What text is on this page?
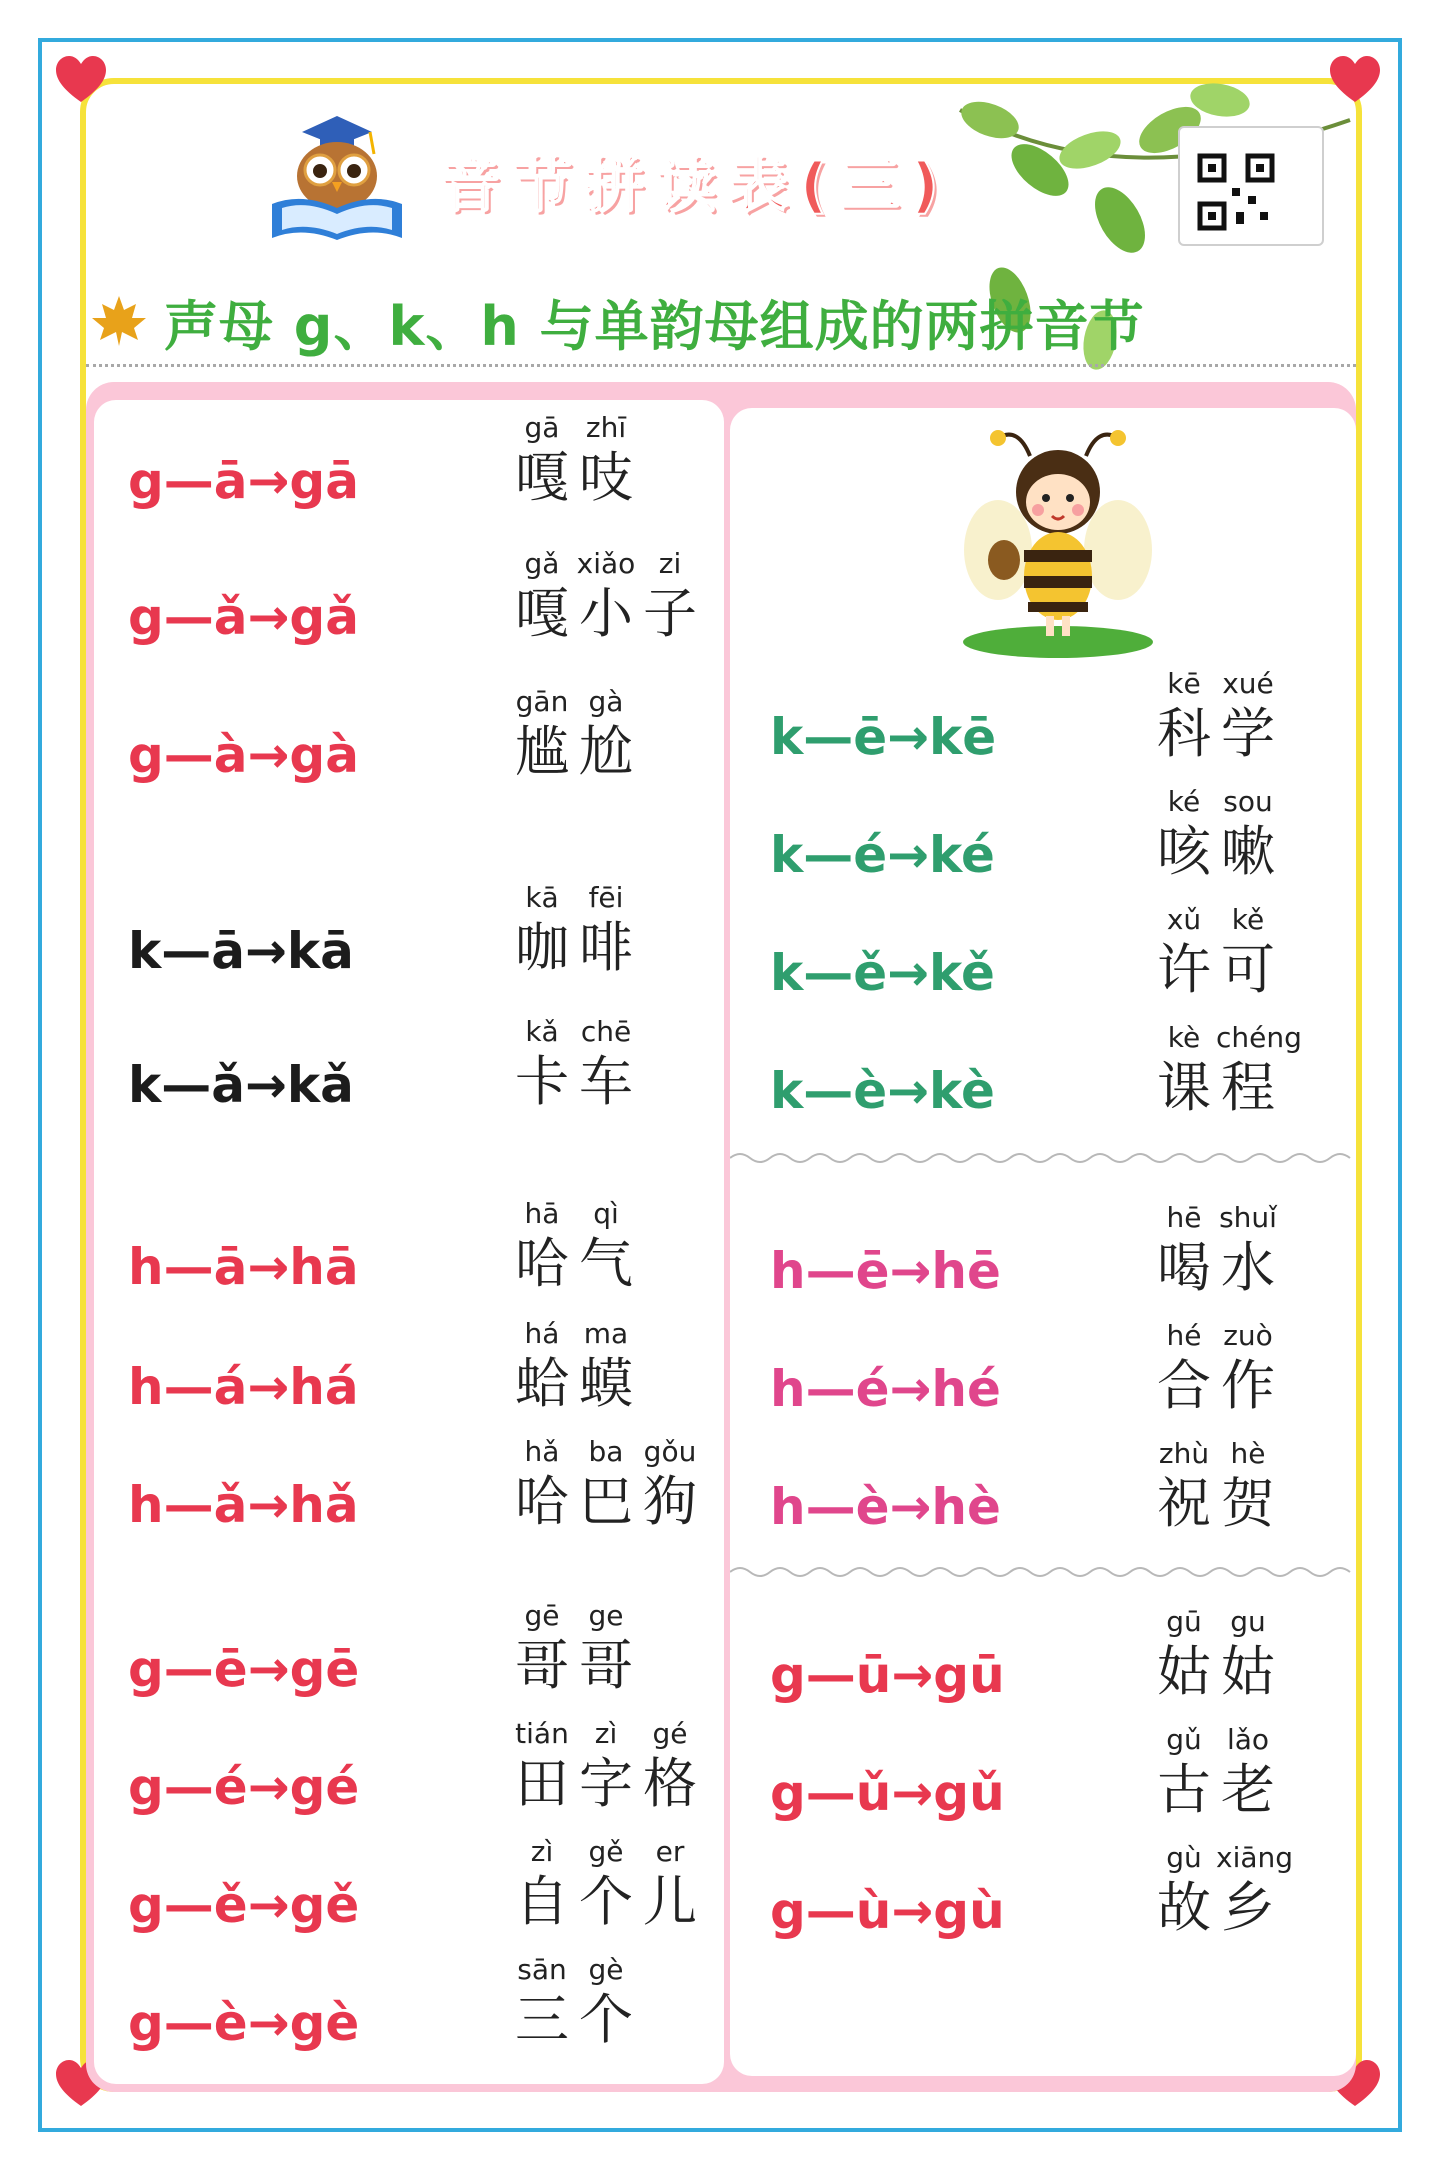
音节拼读表(三)
声母 g、k、h 与单韵母组成的两拼音节
g—ā→gā
gā
嘎
zhī
吱
g—ǎ→gǎ
gǎ
嘎
xiǎo
小
zi
子
g—à→gà
gān
尴
gà
尬
k—ā→kā
kā
咖
fēi
啡
k—ǎ→kǎ
kǎ
卡
chē
车
h—ā→hā
hā
哈
qì
气
h—á→há
há
蛤
ma
蟆
h—ǎ→hǎ
hǎ
哈
ba
巴
gǒu
狗
g—ē→gē
gē
哥
ge
哥
g—é→gé
tián
田
zì
字
gé
格
g—ě→gě
zì
自
gě
个
er
儿
g—è→gè
sān
三
gè
个
k—ē→kē
kē
科
xué
学
k—é→ké
ké
咳
sou
嗽
k—ě→kě
xǔ
许
kě
可
k—è→kè
kè
课
chéng
程
h—ē→hē
hē
喝
shuǐ
水
h—é→hé
hé
合
zuò
作
h—è→hè
zhù
祝
hè
贺
g—ū→gū
gū
姑
gu
姑
g—ǔ→gǔ
gǔ
古
lǎo
老
g—ù→gù
gù
故
xiāng
乡
